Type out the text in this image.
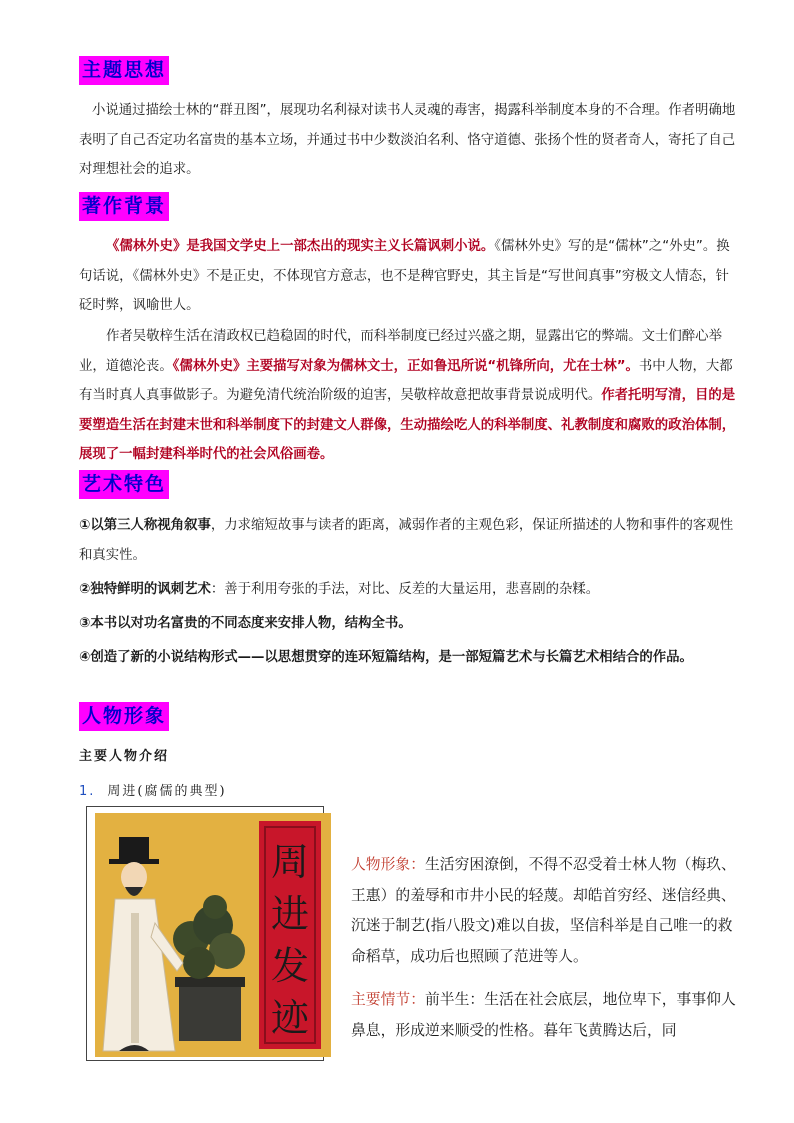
主题思想

小说通过描绘士林的“群丑图”，展现功名利禄对读书人灵魂的毒害，揭露科举制度本身的不合理。作者明确地表明了自己否定功名富贵的基本立场，并通过书中少数淡泊名利、恪守道德、张扬个性的贤者奇人，寄托了自己对理想社会的追求。

著作背景

《儒林外史》是我国文学史上一部杰出的现实主义长篇讽刺小说。《儒林外史》写的是“儒林”之“外史”。换句话说，《儒林外史》不是正史，不体现官方意志，也不是稗官野史，其主旨是“写世间真事”穷极文人情态，针砭时弊，讽喻世人。

作者吴敬梓生活在清政权已趋稳固的时代，而科举制度已经过兴盛之期，显露出它的弊端。文士们醉心举业，道德沦丧。《儒林外史》主要描写对象为儒林文士，正如鲁迅所说“机锋所向，尤在士林”。书中人物，大都有当时真人真事做影子。为避免清代统治阶级的迫害，吴敬梓故意把故事背景说成明代。作者托明写清，目的是要塑造生活在封建末世和科举制度下的封建文人群像，生动描绘吃人的科举制度、礼教制度和腐败的政治体制，展现了一幅封建科举时代的社会风俗画卷。

艺术特色

①以第三人称视角叙事，力求缩短故事与读者的距离，减弱作者的主观色彩，保证所描述的人物和事件的客观性和真实性。

②独特鲜明的讽刺艺术：善于利用夸张的手法，对比、反差的大量运用，悲喜剧的杂糅。

③本书以对功名富贵的不同态度来安排人物，结构全书。

④创造了新的小说结构形式——以思想贯穿的连环短篇结构，是一部短篇艺术与长篇艺术相结合的作品。

人物形象
主要人物介绍
1. 周进(腐儒的典型)
周
进
发
迹

人物形象：生活穷困潦倒，不得不忍受着士林人物（梅玖、王惠）的羞辱和市井小民的轻蔑。却皓首穷经、迷信经典、沉迷于制艺(指八股文)难以自拔，坚信科举是自己唯一的救命稻草，成功后也照顾了范进等人。

主要情节：前半生：生活在社会底层，地位卑下，事事仰人鼻息，形成逆来顺受的性格。暮年飞黄腾达后，同
